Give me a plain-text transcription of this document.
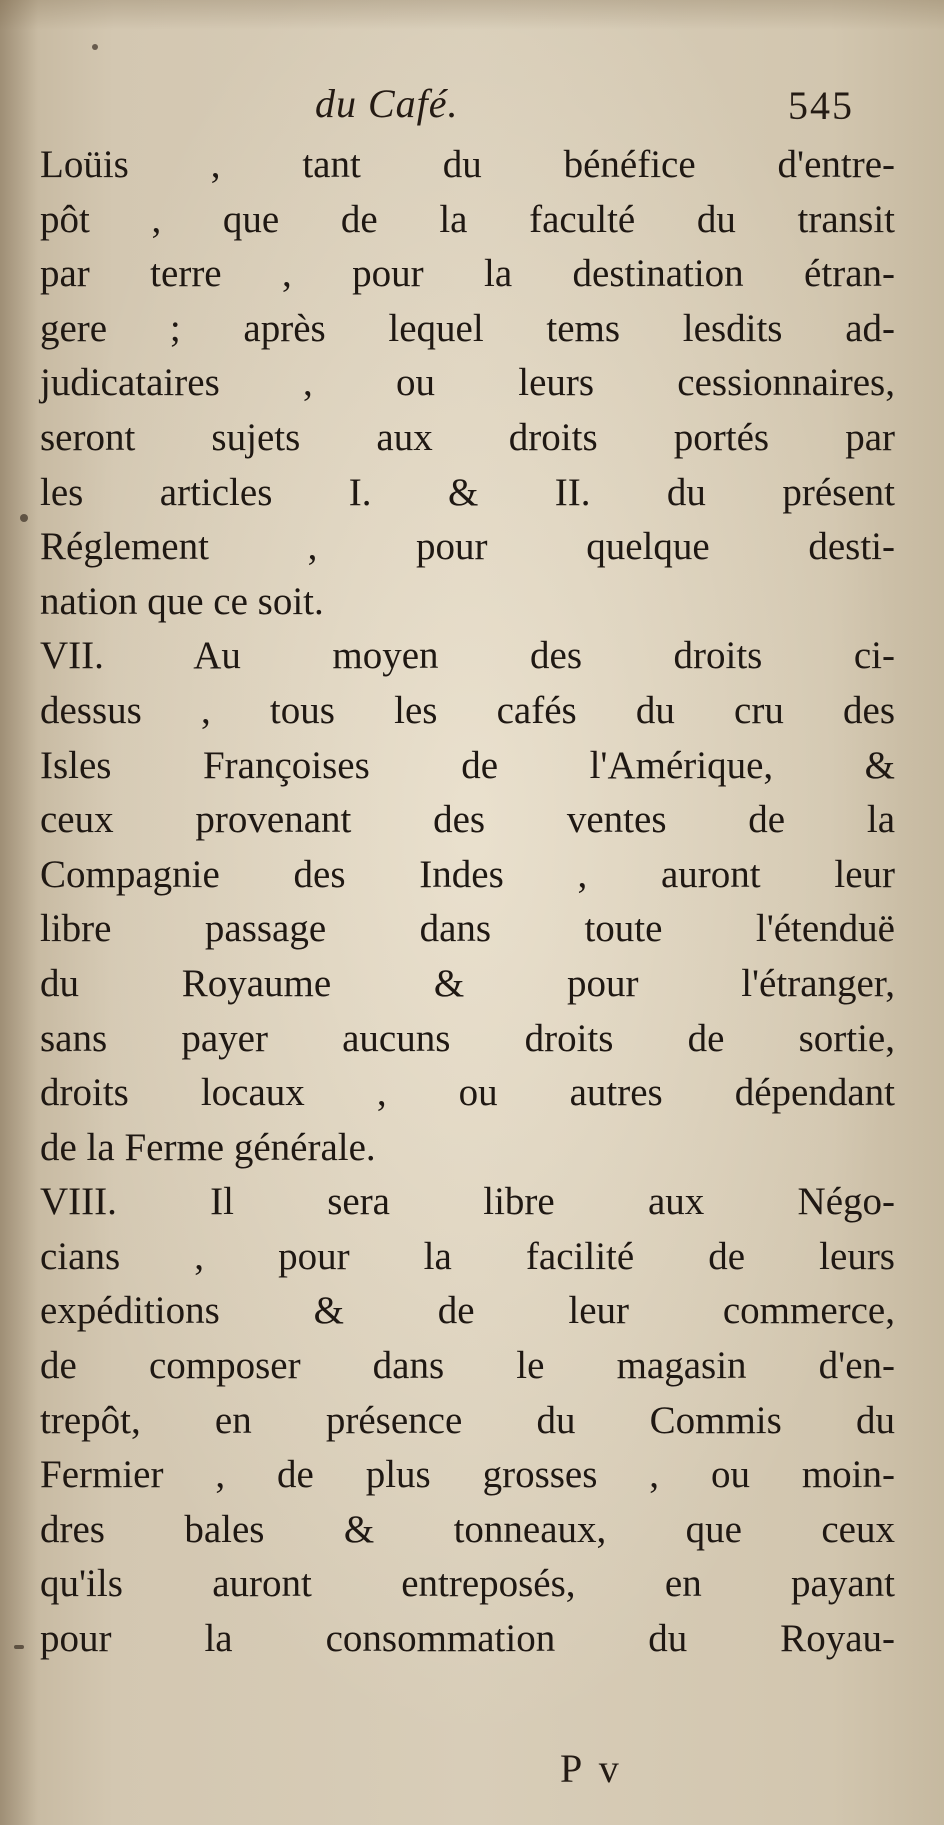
du Café.	545
Loüis , tant du bénéfice d'entre-
pôt , que de la faculté du transit
par terre , pour la destination étran-
gere ; après lequel tems lesdits ad-
judicataires , ou leurs cessionnaires,
seront sujets aux droits portés par
les articles I. & II. du présent
Réglement , pour quelque desti-
nation que ce soit.
VII. Au moyen des droits ci-
dessus , tous les cafés du cru des
Isles Françoises de l'Amérique, &
ceux provenant des ventes de la
Compagnie des Indes , auront leur
libre passage dans toute l'étenduë
du Royaume & pour l'étranger,
sans payer aucuns droits de sortie,
droits locaux , ou autres dépendant
de la Ferme générale.
VIII. Il sera libre aux Négo-
cians , pour la facilité de leurs
expéditions & de leur commerce,
de composer dans le magasin d'en-
trepôt, en présence du Commis du
Fermier , de plus grosses , ou moin-
dres bales & tonneaux, que ceux
qu'ils auront entreposés, en payant
pour la consommation du Royau-
P v
